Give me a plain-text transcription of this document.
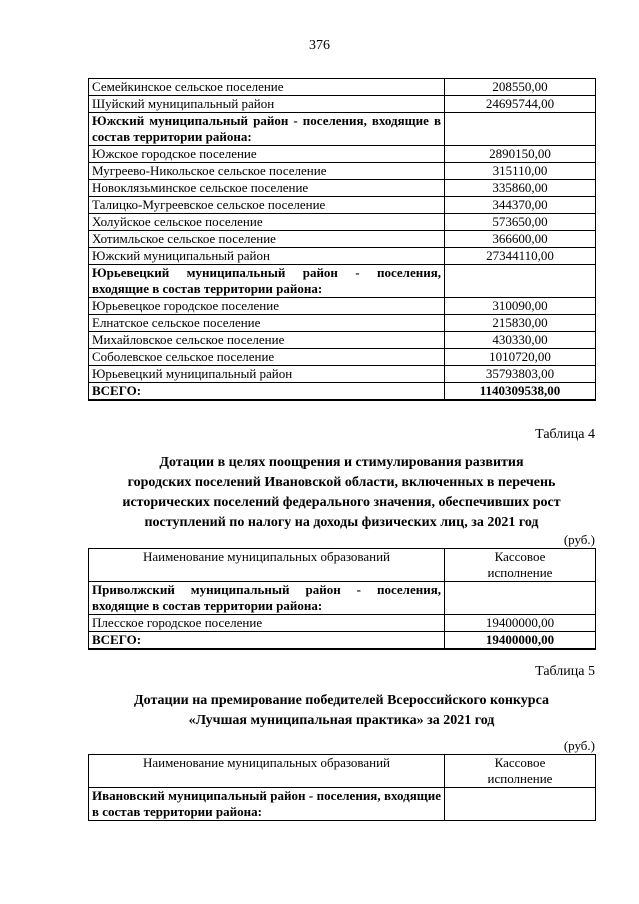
376
Семейкинское сельское поселение	208550,00
Шуйский муниципальный район	24695744,00
Южский муниципальный район - поселения, входящие в состав территории района:	
Южское городское поселение	2890150,00
Мугреево-Никольское сельское поселение	315110,00
Новоклязьминское сельское поселение	335860,00
Талицко-Мугреевское сельское поселение	344370,00
Холуйское сельское поселение	573650,00
Хотимльское сельское поселение	366600,00
Южский муниципальный район	27344110,00
Юрьевецкий муниципальный район - поселения, входящие в состав территории района:	
Юрьевецкое городское поселение	310090,00
Елнатское сельское поселение	215830,00
Михайловское сельское поселение	430330,00
Соболевское сельское поселение	1010720,00
Юрьевецкий муниципальный район	35793803,00
ВСЕГО:	1140309538,00
Таблица 4
Дотации в целях поощрения и стимулирования развития
городских поселений Ивановской области, включенных в перечень
исторических поселений федерального значения, обеспечивших рост
поступлений по налогу на доходы физических лиц, за 2021 год
(руб.)
Наименование муниципальных образований	Кассовое
исполнение

Приволжский муниципальный район - поселения, входящие в состав территории района:	
Плесское городское поселение	19400000,00
ВСЕГО:	19400000,00
Таблица 5
Дотации на премирование победителей Всероссийского конкурса
«Лучшая муниципальная практика» за 2021 год
(руб.)
Наименование муниципальных образований	Кассовое
исполнение

Ивановский муниципальный район - поселения, входящие в состав территории района:	
